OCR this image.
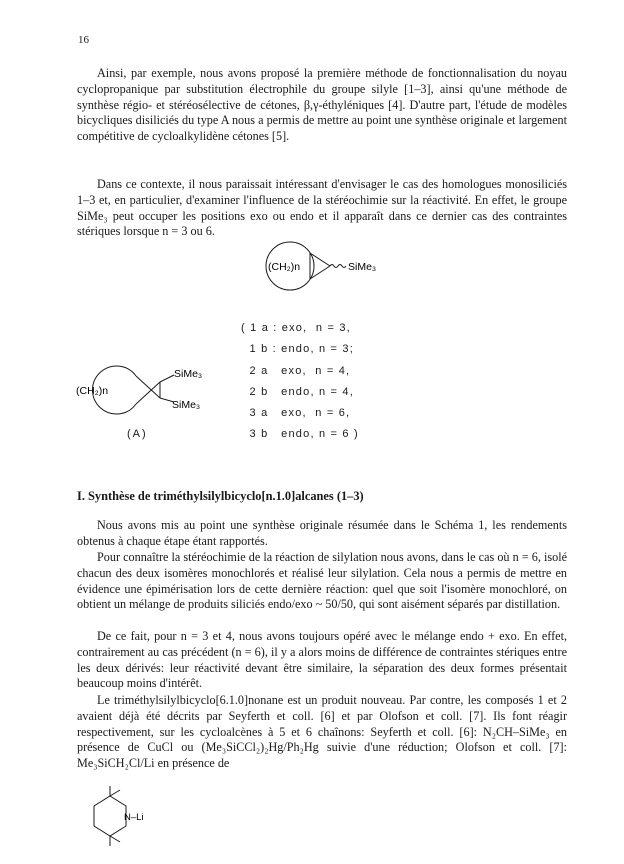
16

Ainsi, par exemple, nous avons proposé la première méthode de fonctionnalisation du noyau cyclopropanique par substitution électrophile du groupe silyle [1–3], ainsi qu'une méthode de synthèse régio- et stéréosélective de cétones, β,γ-éthyléniques [4]. D'autre part, l'étude de modèles bicycliques disiliciés du type A nous a permis de mettre au point une synthèse originale et largement compétitive de cycloalkylidène cétones [5].

Dans ce contexte, il nous paraissait intéressant d'envisager le cas des homologues monosiliciés 1–3 et, en particulier, d'examiner l'influence de la stéréochimie sur la réactivité. En effet, le groupe SiMe₃ peut occuper les positions exo ou endo et il apparaît dans ce dernier cas des contraintes stériques lorsque n = 3 ou 6.

(CH₂)n	SiMe₃
(CH₂)n
SiMe₃
SiMe₃
(A)
( 1 a : exo,  n = 3,
1 b : endo, n = 3;
2 a   exo,  n = 4,
2 b   endo, n = 4,
3 a   exo,  n = 6,
3 b   endo, n = 6 )
I. Synthèse de triméthylsilylbicyclo[n.1.0]alcanes (1–3)

Nous avons mis au point une synthèse originale résumée dans le Schéma 1, les rendements obtenus à chaque étape étant rapportés.

Pour connaître la stéréochimie de la réaction de silylation nous avons, dans le cas où n = 6, isolé chacun des deux isomères monochlorés et réalisé leur silylation. Cela nous a permis de mettre en évidence une épimérisation lors de cette dernière réaction: quel que soit l'isomère monochloré, on obtient un mélange de produits siliciés endo/exo ~ 50/50, qui sont aisément séparés par distillation.

De ce fait, pour n = 3 et 4, nous avons toujours opéré avec le mélange endo + exo. En effet, contrairement au cas précédent (n = 6), il y a alors moins de différence de contraintes stériques entre les deux dérivés: leur réactivité devant être similaire, la séparation des deux formes présentait beaucoup moins d'intérêt.

Le triméthylsilylbicyclo[6.1.0]nonane est un produit nouveau. Par contre, les composés 1 et 2 avaient déjà été décrits par Seyferth et coll. [6] et par Olofson et coll. [7]. Ils font réagir respectivement, sur les cycloalcènes à 5 et 6 chaînons: Seyferth et coll. [6]: N₂CH–SiMe₃ en présence de CuCl ou (Me₃SiCCl₂)₂Hg/Ph₂Hg suivie d'une réduction; Olofson et coll. [7]: Me₃SiCH₂Cl/Li en présence de

N–Li
